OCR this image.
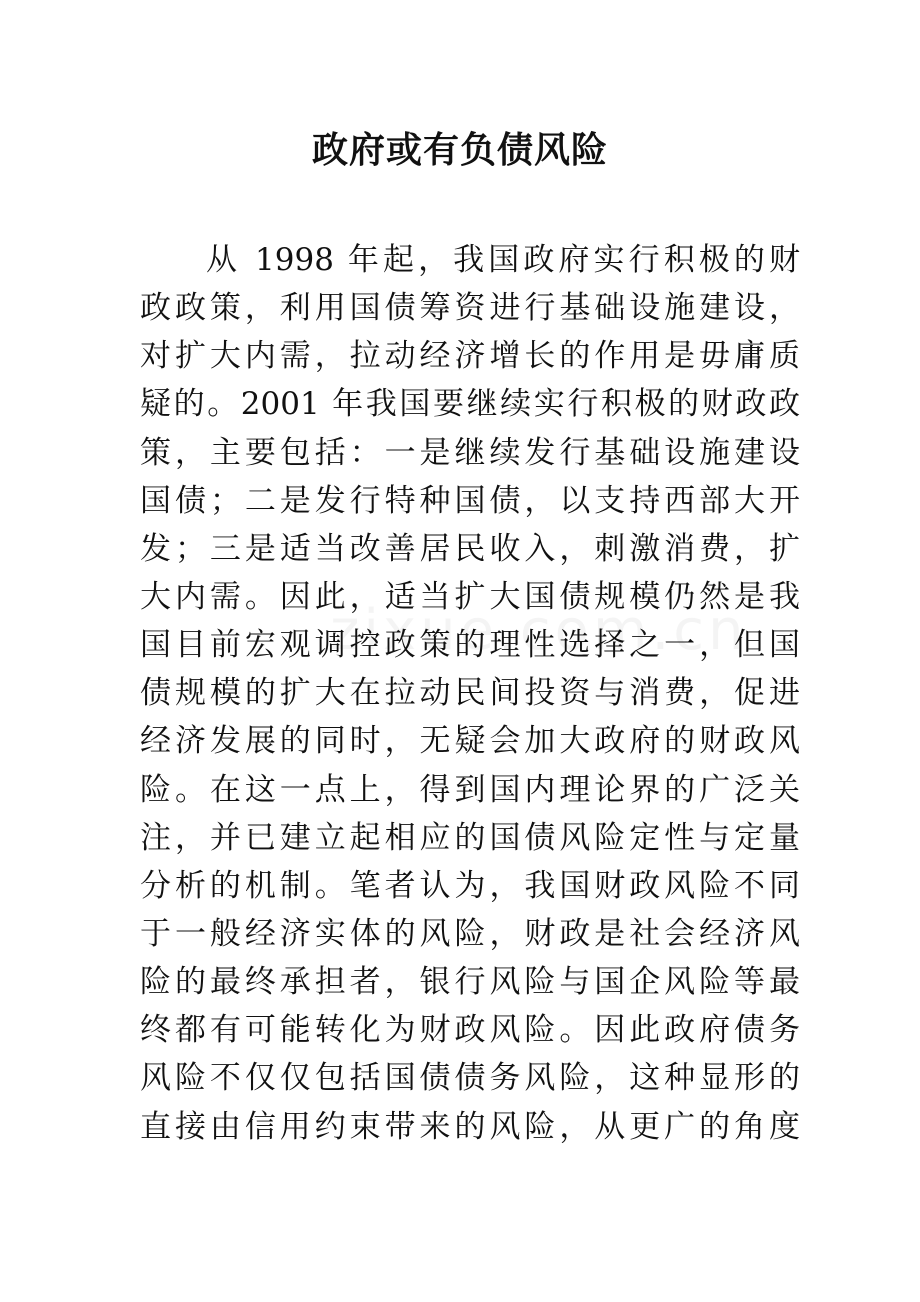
政府或有负债风险
从 1998 年起，我国政府实行积极的财
政政策，利用国债筹资进行基础设施建设，
对扩大内需，拉动经济增长的作用是毋庸质
疑的。2001 年我国要继续实行积极的财政政
策，主要包括：一是继续发行基础设施建设
国债；二是发行特种国债，以支持西部大开
发；三是适当改善居民收入，刺激消费，扩
大内需。因此，适当扩大国债规模仍然是我
国目前宏观调控政策的理性选择之一，但国
债规模的扩大在拉动民间投资与消费，促进
经济发展的同时，无疑会加大政府的财政风
险。在这一点上，得到国内理论界的广泛关
注，并已建立起相应的国债风险定性与定量
分析的机制。笔者认为，我国财政风险不同
于一般经济实体的风险，财政是社会经济风
险的最终承担者，银行风险与国企风险等最
终都有可能转化为财政风险。因此政府债务
风险不仅仅包括国债债务风险，这种显形的
直接由信用约束带来的风险，从更广的角度
